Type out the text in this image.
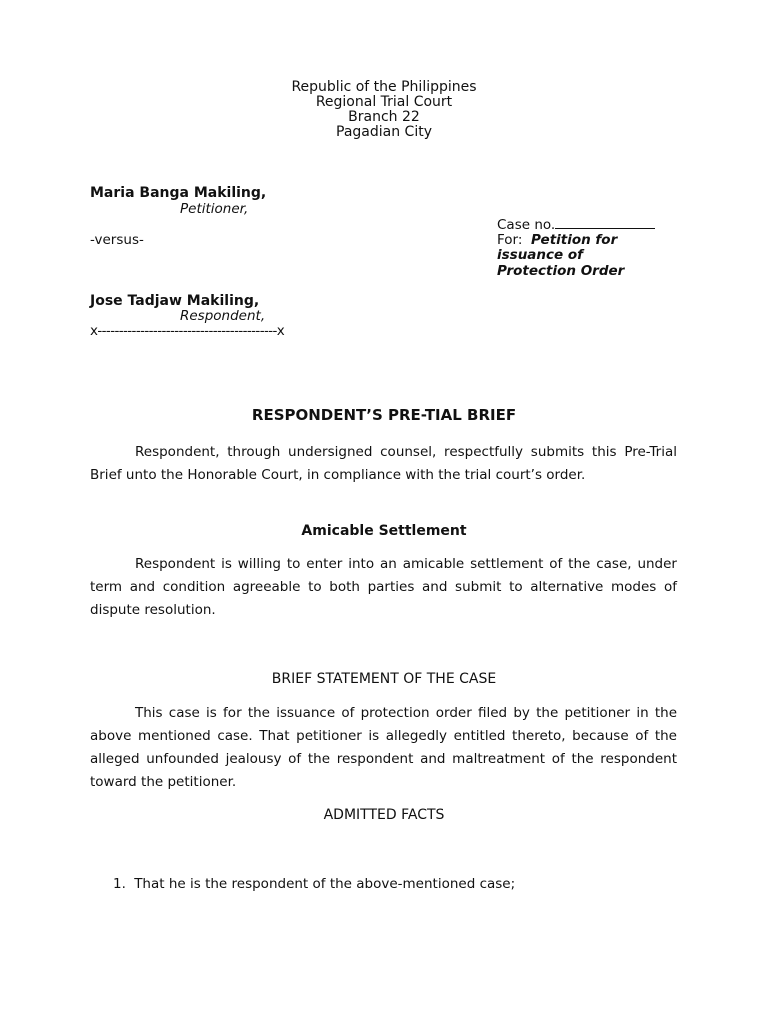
Republic of the Philippines
Regional Trial Court
Branch 22
Pagadian City
Maria Banga Makiling,
Petitioner,
-versus-
Jose Tadjaw Makiling,
Respondent,
x------------------------------------------x
Case no.
For: Petition for
issuance of
Protection Order
RESPONDENT’S PRE-TIAL BRIEF

Respondent, through undersigned counsel, respectfully submits this Pre-Trial Brief unto the Honorable Court, in compliance with the trial court’s order.

Amicable Settlement

Respondent is willing to enter into an amicable settlement of the case, under term and condition agreeable to both parties and submit to alternative modes of dispute resolution.

BRIEF STATEMENT OF THE CASE

This case is for the issuance of protection order filed by the petitioner in the above mentioned case. That petitioner is allegedly entitled thereto, because of the alleged unfounded jealousy of the respondent and maltreatment of the respondent toward the petitioner.

ADMITTED FACTS
1. That he is the respondent of the above-mentioned case;
